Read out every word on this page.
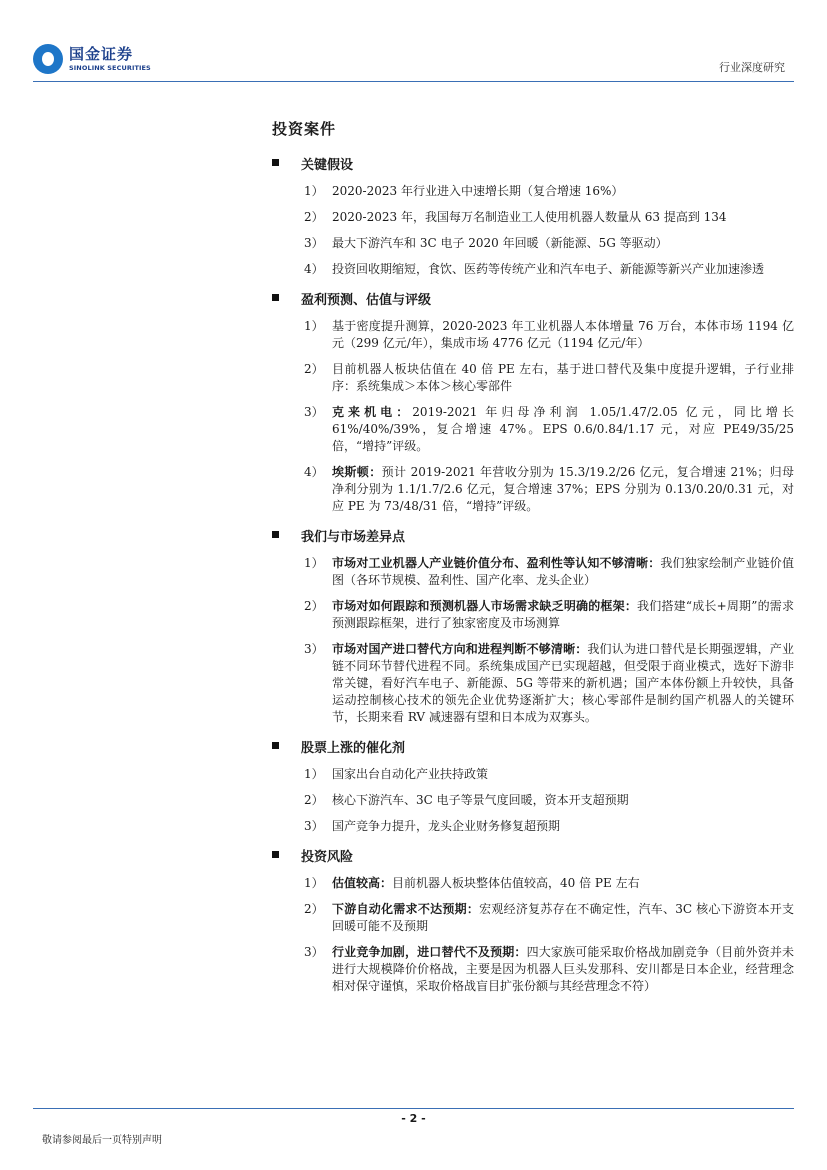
国金证券
SINOLINK SECURITIES	行业深度研究
投资案件
关键假设
1） 2020-2023 年行业进入中速增长期（复合增速 16%）
2） 2020-2023 年，我国每万名制造业工人使用机器人数量从 63 提高到 134
3） 最大下游汽车和 3C 电子 2020 年回暖（新能源、5G 等驱动）
4） 投资回收期缩短，食饮、医药等传统产业和汽车电子、新能源等新兴产业加速渗透
盈利预测、估值与评级
1） 基于密度提升测算，2020-2023 年工业机器人本体增量 76 万台，本体市场 1194 亿元（299 亿元/年），集成市场 4776 亿元（1194 亿元/年）
2） 目前机器人板块估值在 40 倍 PE 左右，基于进口替代及集中度提升逻辑，子行业排序：系统集成＞本体＞核心零部件
3） 克来机电：2019-2021 年归母净利润 1.05/1.47/2.05 亿元，同比增长 61%/40%/39%，复合增速 47%。EPS 0.6/0.84/1.17 元，对应 PE49/35/25 倍，“增持”评级。
4） 埃斯顿：预计 2019-2021 年营收分别为 15.3/19.2/26 亿元，复合增速 21%；归母净利分别为 1.1/1.7/2.6 亿元，复合增速 37%；EPS 分别为 0.13/0.20/0.31 元，对应 PE 为 73/48/31 倍，“增持”评级。
我们与市场差异点
1） 市场对工业机器人产业链价值分布、盈利性等认知不够清晰：我们独家绘制产业链价值图（各环节规模、盈利性、国产化率、龙头企业）
2） 市场对如何跟踪和预测机器人市场需求缺乏明确的框架：我们搭建“成长+周期”的需求预测跟踪框架，进行了独家密度及市场测算
3） 市场对国产进口替代方向和进程判断不够清晰：我们认为进口替代是长期强逻辑，产业链不同环节替代进程不同。系统集成国产已实现超越，但受限于商业模式，选好下游非常关键，看好汽车电子、新能源、5G 等带来的新机遇；国产本体份额上升较快，具备运动控制核心技术的领先企业优势逐渐扩大；核心零部件是制约国产机器人的关键环节，长期来看 RV 减速器有望和日本成为双寡头。
股票上涨的催化剂
1） 国家出台自动化产业扶持政策
2） 核心下游汽车、3C 电子等景气度回暖，资本开支超预期
3） 国产竞争力提升，龙头企业财务修复超预期
投资风险
1） 估值较高：目前机器人板块整体估值较高，40 倍 PE 左右
2） 下游自动化需求不达预期：宏观经济复苏存在不确定性，汽车、3C 核心下游资本开支回暖可能不及预期
3） 行业竞争加剧，进口替代不及预期：四大家族可能采取价格战加剧竞争（目前外资并未进行大规模降价价格战，主要是因为机器人巨头发那科、安川都是日本企业，经营理念相对保守谨慎，采取价格战盲目扩张份额与其经营理念不符）
- 2 -
敬请参阅最后一页特别声明
